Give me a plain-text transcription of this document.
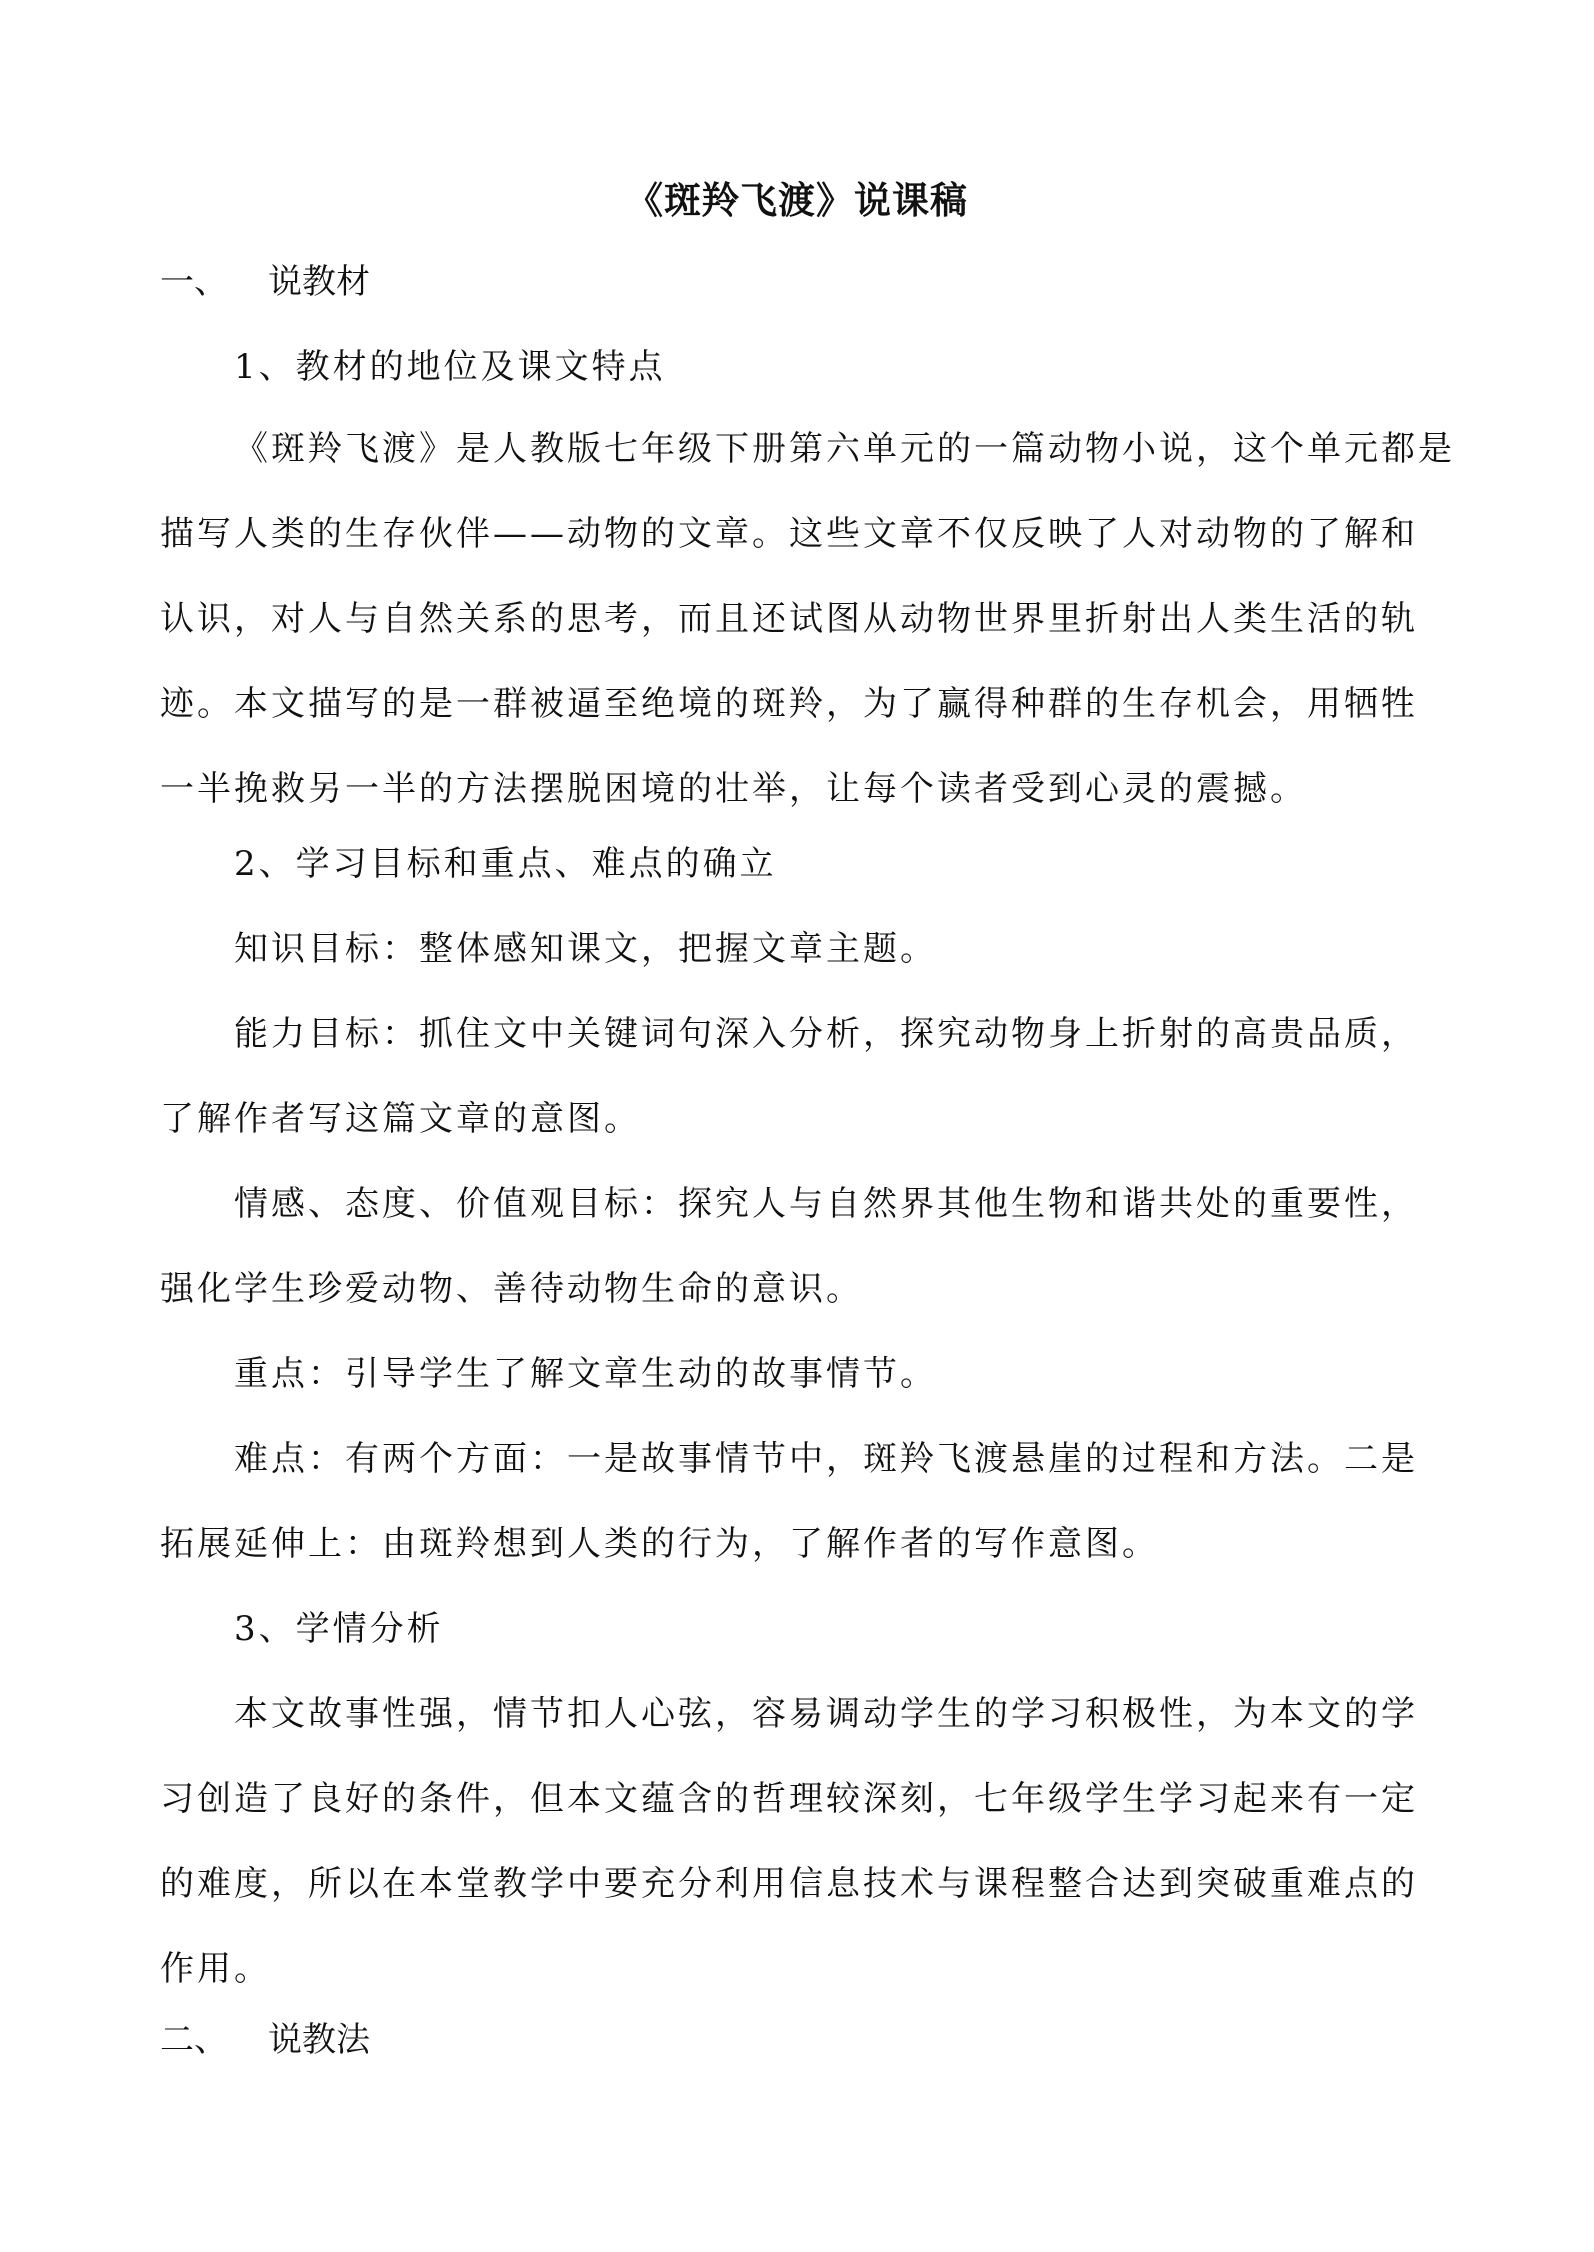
《斑羚飞渡》说课稿
一、 说教材
1、教材的地位及课文特点
《斑羚飞渡》是人教版七年级下册第六单元的一篇动物小说，这个单元都是
描写人类的生存伙伴——动物的文章。这些文章不仅反映了人对动物的了解和
认识，对人与自然关系的思考，而且还试图从动物世界里折射出人类生活的轨
迹。本文描写的是一群被逼至绝境的斑羚，为了赢得种群的生存机会，用牺牲
一半挽救另一半的方法摆脱困境的壮举，让每个读者受到心灵的震撼。
2、学习目标和重点、难点的确立
知识目标：整体感知课文，把握文章主题。
能力目标：抓住文中关键词句深入分析，探究动物身上折射的高贵品质，
了解作者写这篇文章的意图。
情感、态度、价值观目标：探究人与自然界其他生物和谐共处的重要性，
强化学生珍爱动物、善待动物生命的意识。
重点：引导学生了解文章生动的故事情节。
难点：有两个方面：一是故事情节中，斑羚飞渡悬崖的过程和方法。二是
拓展延伸上：由斑羚想到人类的行为，了解作者的写作意图。
3、学情分析
本文故事性强，情节扣人心弦，容易调动学生的学习积极性，为本文的学
习创造了良好的条件，但本文蕴含的哲理较深刻，七年级学生学习起来有一定
的难度，所以在本堂教学中要充分利用信息技术与课程整合达到突破重难点的
作用。
二、 说教法
